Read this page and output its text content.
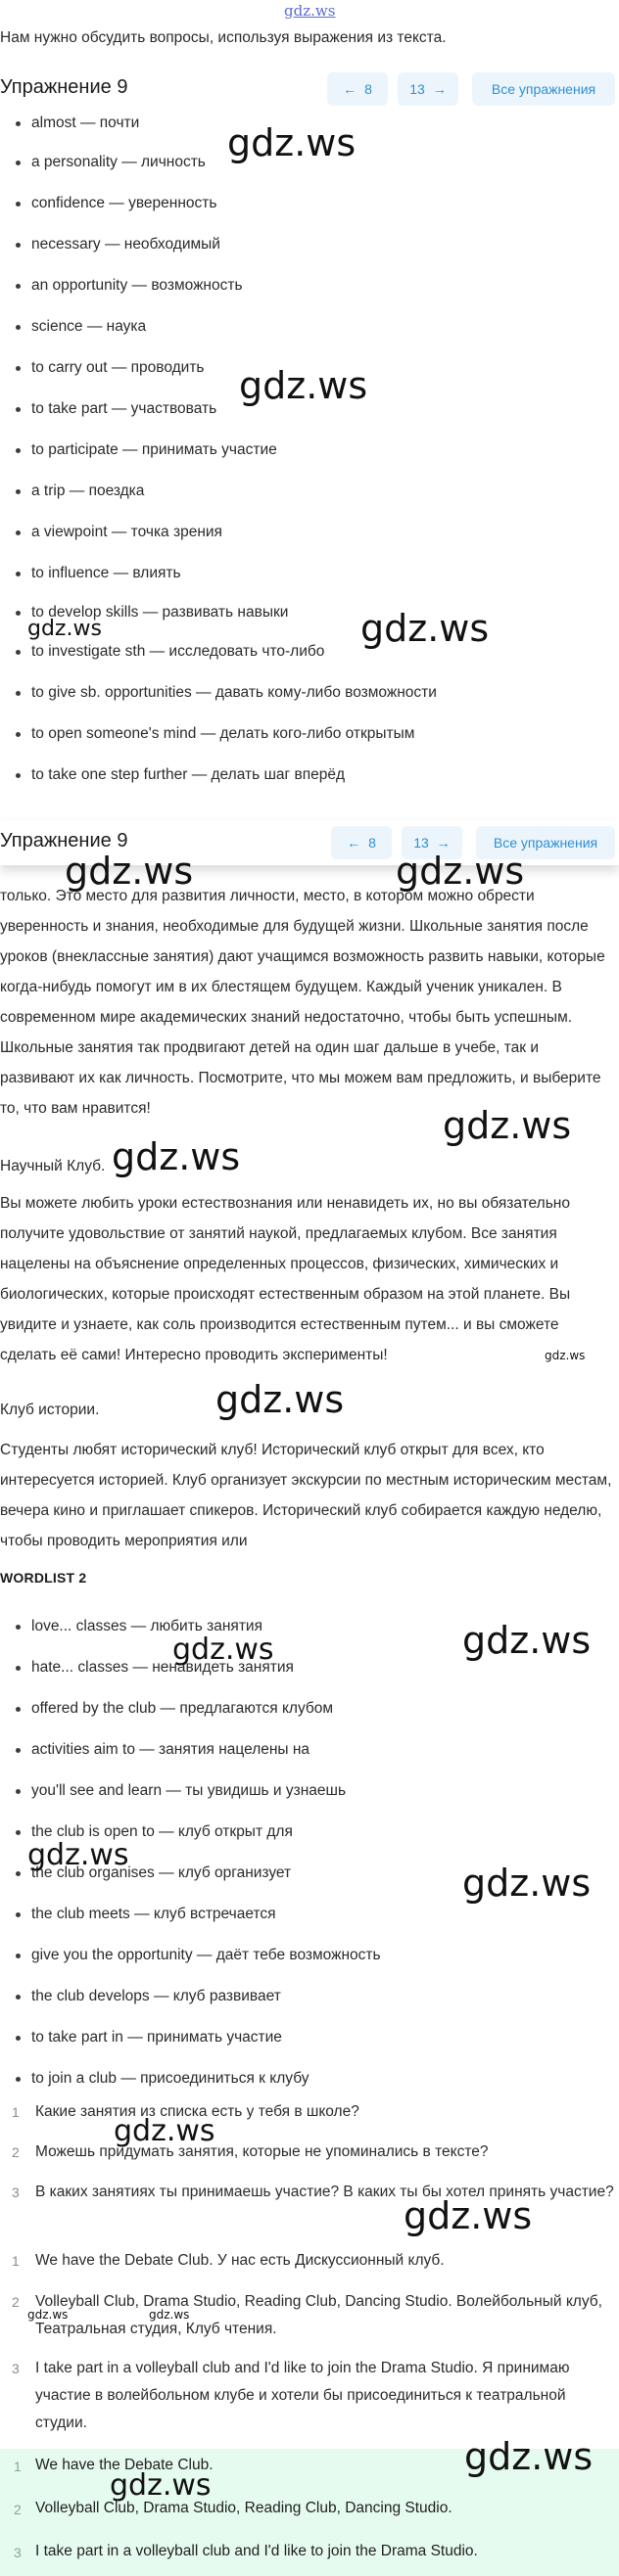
gdz.ws
Нам нужно обсудить вопросы, используя выражения из текста.
Упражнение 9	← 8	13 →	Все упражнения
almost — почти
a personality — личность
confidence — уверенность
necessary — необходимый
an opportunity — возможность
science — наука
to carry out — проводить
to take part — участвовать
to participate — принимать участие
a trip — поездка
a viewpoint — точка зрения
to influence — влиять
to develop skills — развивать навыки
to investigate sth — исследовать что-либо
to give sb. opportunities — давать кому-либо возможности
to open someone's mind — делать кого-либо открытым
to take one step further — делать шаг вперёд
Упражнение 9	← 8	13 →	Все упражнения

только. Это место для развития личности, место, в котором можно обрести уверенность и знания, необходимые для будущей жизни. Школьные занятия после уроков (внеклассные занятия) дают учащимся возможность развить навыки, которые когда-нибудь помогут им в их блестящем будущем. Каждый ученик уникален. В современном мире академических знаний недостаточно, чтобы быть успешным. Школьные занятия так продвигают детей на один шаг дальше в учебе, так и развивают их как личность. Посмотрите, что мы можем вам предложить, и выберите то, что вам нравится!

Научный Клуб.

Вы можете любить уроки естествознания или ненавидеть их, но вы обязательно получите удовольствие от занятий наукой, предлагаемых клубом. Все занятия нацелены на объяснение определенных процессов, физических, химических и биологических, которые происходят естественным образом на этой планете. Вы увидите и узнаете, как соль производится естественным путем... и вы сможете сделать её сами! Интересно проводить эксперименты!

Клуб истории.

Студенты любят исторический клуб! Исторический клуб открыт для всех, кто интересуется историей. Клуб организует экскурсии по местным историческим местам, вечера кино и приглашает спикеров. Исторический клуб собирается каждую неделю, чтобы проводить мероприятия или

WORDLIST 2
love... classes — любить занятия
hate... classes — ненавидеть занятия
offered by the club — предлагаются клубом
activities aim to — занятия нацелены на
you'll see and learn — ты увидишь и узнаешь
the club is open to — клуб открыт для
the club organises — клуб организует
the club meets — клуб встречается
give you the opportunity — даёт тебе возможность
the club develops — клуб развивает
to take part in — принимать участие
to join a club — присоединиться к клубу
1	Какие занятия из списка есть у тебя в школе?
2	Можешь придумать занятия, которые не упоминались в тексте?
3	В каких занятиях ты принимаешь участие? В каких ты бы хотел принять участие?
1	We have the Debate Club. У нас есть Дискуссионный клуб.
2	Volleyball Club, Drama Studio, Reading Club, Dancing Studio. Волейбольный клуб, Театральная студия, Клуб чтения.
3	I take part in a volleyball club and I'd like to join the Drama Studio. Я принимаю участие в волейбольном клубе и хотели бы присоединиться к театральной студии.
1 We have the Debate Club.
2 Volleyball Club, Drama Studio, Reading Club, Dancing Studio.
3 I take part in a volleyball club and I'd like to join the Drama Studio.
gdz.ws
gdz.ws
gdz.ws
gdz.ws
gdz.ws	gdz.ws
gdz.ws
gdz.ws
gdz.ws
gdz.ws
gdz.ws
gdz.ws
gdz.ws
gdz.ws
gdz.ws
gdz.ws
gdz.ws	gdz.ws
gdz.ws
gdz.ws
